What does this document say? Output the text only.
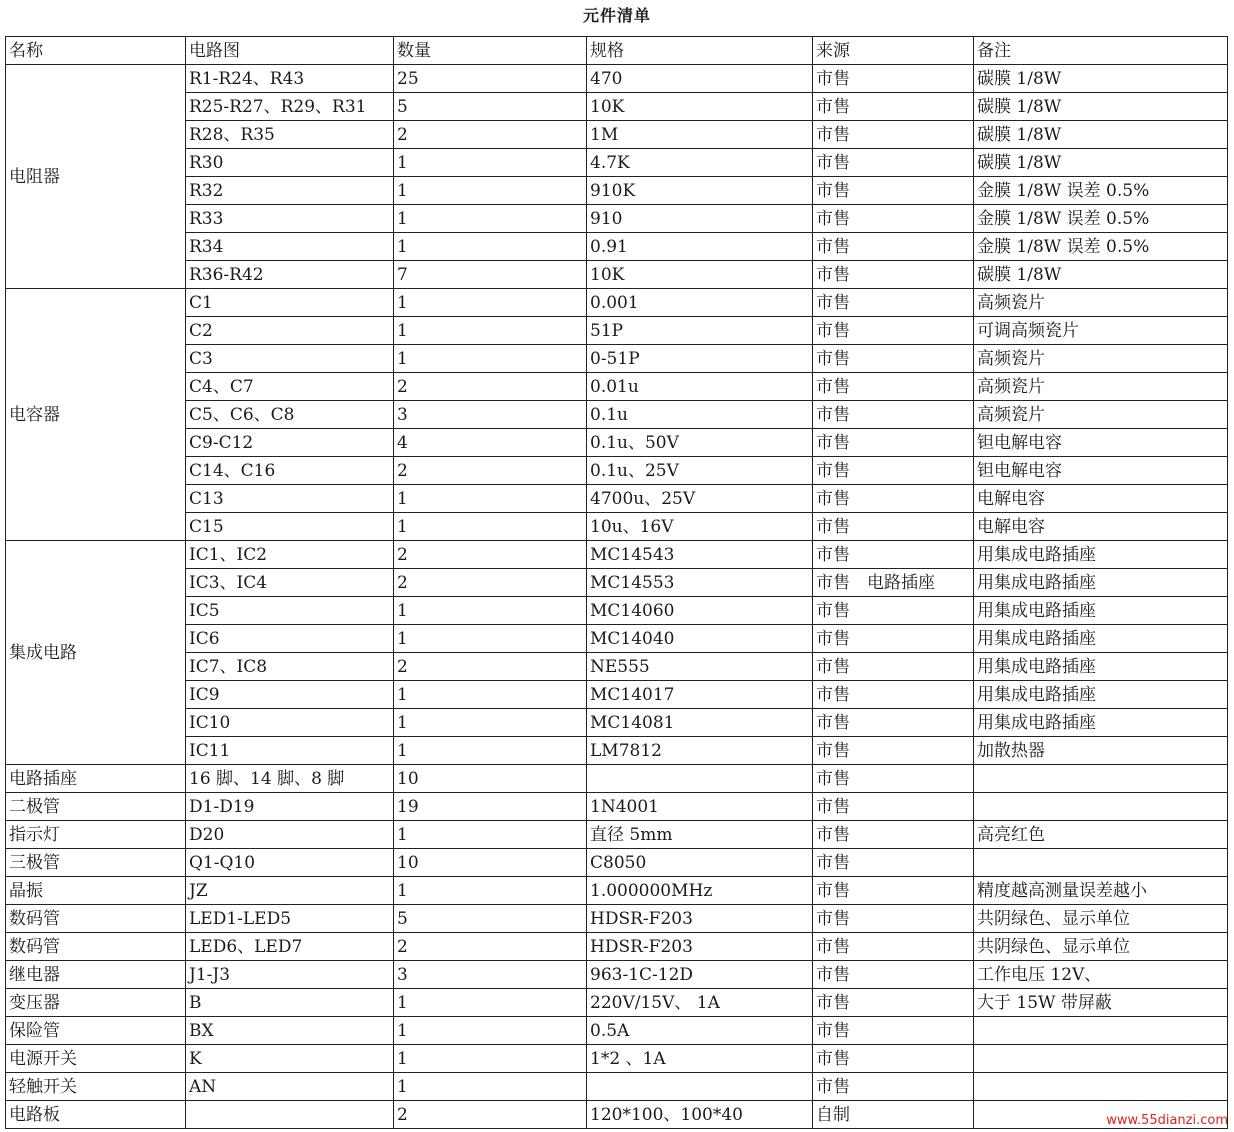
元件清单
名称	电路图	数量	规格	来源	备注
电阻器	R1-R24、R43	25	470	市售	碳膜 1/8W
	R25-R27、R29、R31	5	10K	市售	碳膜 1/8W
	R28、R35	2	1M	市售	碳膜 1/8W
	R30	1	4.7K	市售	碳膜 1/8W
	R32	1	910K	市售	金膜 1/8W 误差 0.5%
	R33	1	910	市售	金膜 1/8W 误差 0.5%
	R34	1	0.91	市售	金膜 1/8W 误差 0.5%
	R36-R42	7	10K	市售	碳膜 1/8W
电容器	C1	1	0.001	市售	高频瓷片
	C2	1	51P	市售	可调高频瓷片
	C3	1	0-51P	市售	高频瓷片
	C4、C7	2	0.01u	市售	高频瓷片
	C5、C6、C8	3	0.1u	市售	高频瓷片
	C9-C12	4	0.1u、50V	市售	钽电解电容
	C14、C16	2	0.1u、25V	市售	钽电解电容
	C13	1	4700u、25V	市售	电解电容
	C15	1	10u、16V	市售	电解电容
集成电路	IC1、IC2	2	MC14543	市售	用集成电路插座
	IC3、IC4	2	MC14553	市售　电路插座	用集成电路插座
	IC5	1	MC14060	市售	用集成电路插座
	IC6	1	MC14040	市售	用集成电路插座
	IC7、IC8	2	NE555	市售	用集成电路插座
	IC9	1	MC14017	市售	用集成电路插座
	IC10	1	MC14081	市售	用集成电路插座
	IC11	1	LM7812	市售	加散热器
电路插座	16 脚、14 脚、8 脚	10		市售	
二极管	D1-D19	19	1N4001	市售	
指示灯	D20	1	直径 5mm	市售	高亮红色
三极管	Q1-Q10	10	C8050	市售	
晶振	JZ	1	1.000000MHz	市售	精度越高测量误差越小
数码管	LED1-LED5	5	HDSR-F203	市售	共阴绿色、显示单位
数码管	LED6、LED7	2	HDSR-F203	市售	共阴绿色、显示单位
继电器	J1-J3	3	963-1C-12D	市售	工作电压 12V、
变压器	B	1	220V/15V、 1A	市售	大于 15W 带屏蔽
保险管	BX	1	0.5A	市售	
电源开关	K	1	1*2 、1A	市售	
轻触开关	AN	1		市售	
电路板		2	120*100、100*40	自制		www.55dianzi.com
